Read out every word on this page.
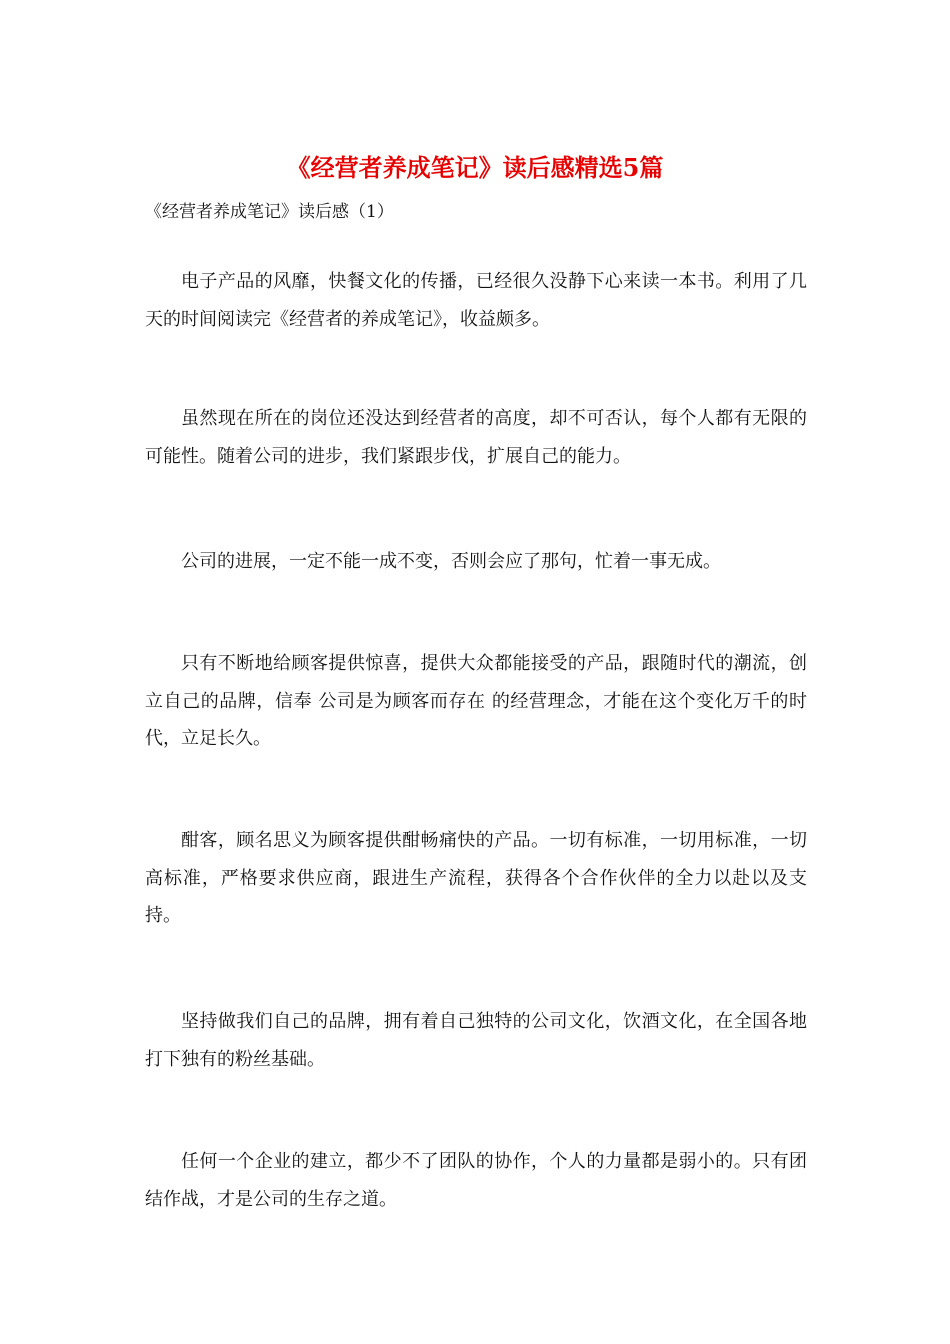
《经营者养成笔记》读后感精选5篇

《经营者养成笔记》读后感（1）

电子产品的风靡，快餐文化的传播，已经很久没静下心来读一本书。利用了几天的时间阅读完《经营者的养成笔记》，收益颇多。

虽然现在所在的岗位还没达到经营者的高度，却不可否认，每个人都有无限的可能性。随着公司的进步，我们紧跟步伐，扩展自己的能力。

公司的进展，一定不能一成不变，否则会应了那句，忙着一事无成。

只有不断地给顾客提供惊喜，提供大众都能接受的产品，跟随时代的潮流，创立自己的品牌，信奉 公司是为顾客而存在 的经营理念，才能在这个变化万千的时代，立足长久。

酣客，顾名思义为顾客提供酣畅痛快的产品。一切有标准，一切用标准，一切高标准，严格要求供应商，跟进生产流程，获得各个合作伙伴的全力以赴以及支持。

坚持做我们自己的品牌，拥有着自己独特的公司文化，饮酒文化，在全国各地打下独有的粉丝基础。

任何一个企业的建立，都少不了团队的协作，个人的力量都是弱小的。只有团结作战，才是公司的生存之道。
